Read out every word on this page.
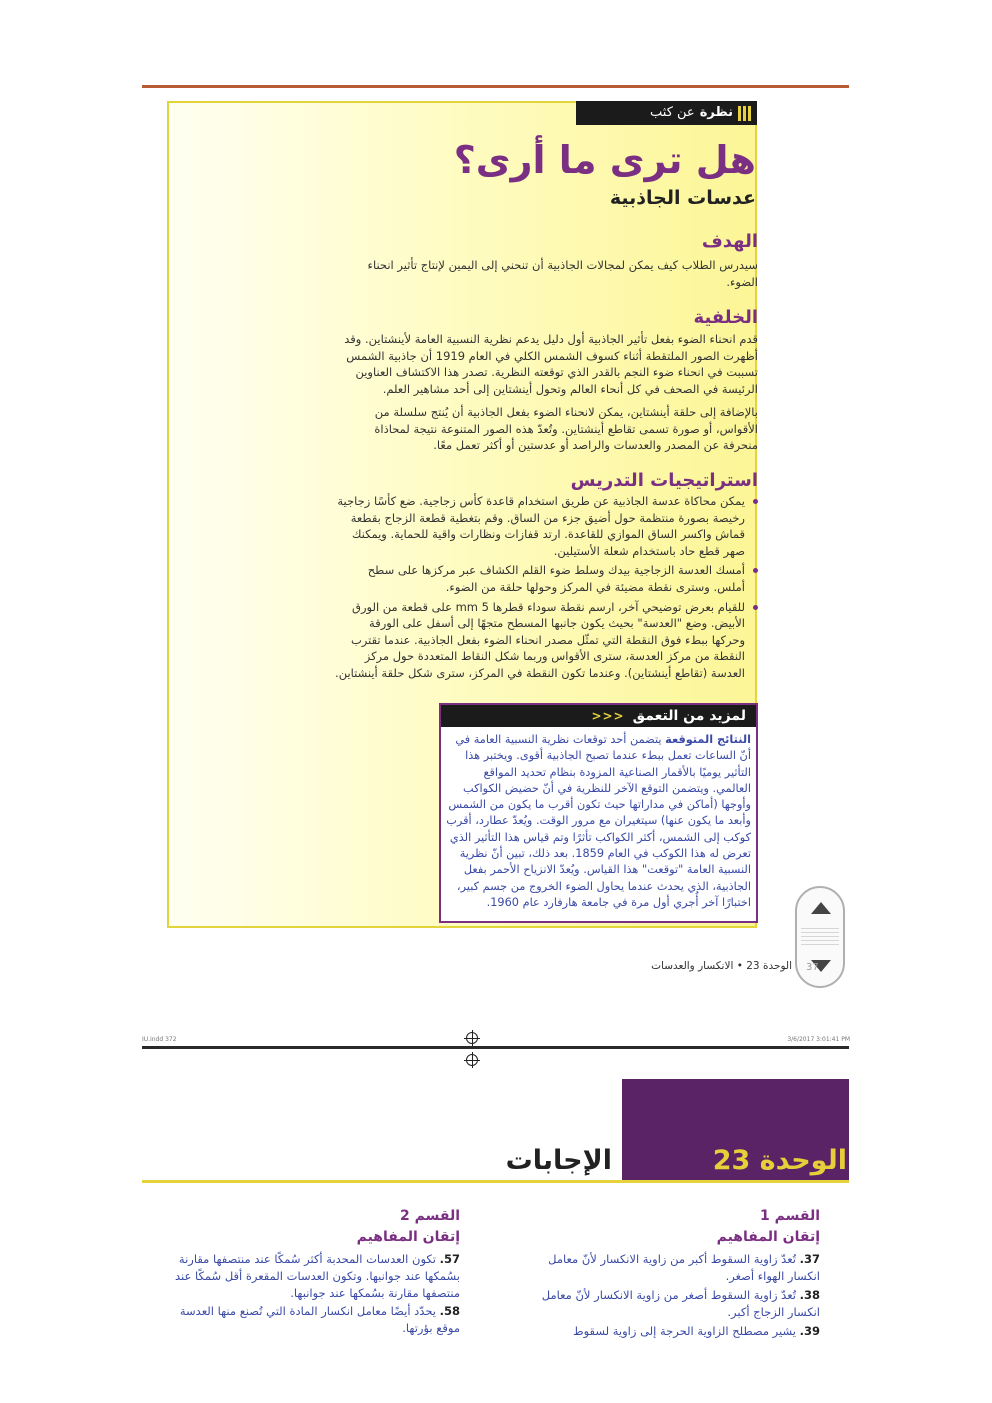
نظرة
عن كثب
هل ترى ما أرى؟
عدسات الجاذبية
الهدف
سيدرس الطلاب كيف يمكن لمجالات الجاذبية أن تنحني إلى اليمين لإنتاج تأثير انحناء الضوء.
الخلفية
قدم انحناء الضوء بفعل تأثير الجاذبية أول دليل يدعم نظرية النسبية العامة لأينشتاين. وقد أظهرت الصور الملتقطة أثناء كسوف الشمس الكلي في العام 1919 أن جاذبية الشمس تسببت في انحناء ضوء النجم بالقدر الذي توقعته النظرية. تصدر هذا الاكتشاف العناوين الرئيسة في الصحف في كل أنحاء العالم وتحول أينشتاين إلى أحد مشاهير العلم.
بالإضافة إلى حلقة أينشتاين، يمكن لانحناء الضوء بفعل الجاذبية أن يُنتج سلسلة من الأقواس، أو صورة تسمى تقاطع أينشتاين. وتُعدّ هذه الصور المتنوعة نتيجة لمحاذاة منحرفة عن المصدر والعدسات والراصد أو عدستين أو أكثر تعمل معًا.
استراتيجيات التدريس
يمكن محاكاة عدسة الجاذبية عن طريق استخدام قاعدة كأس زجاجية. ضع كأسًا زجاجية رخيصة بصورة منتظمة حول أضيق جزء من الساق. وقم بتغطية قطعة الزجاج بقطعة قماش واكسر الساق الموازي للقاعدة. ارتد قفازات ونظارات واقية للحماية. ويمكنك صهر قطع حاد باستخدام شعلة الأستيلين.
أمسك العدسة الزجاجية بيدك وسلط ضوء القلم الكشاف عبر مركزها على سطح أملس. وسترى نقطة مضيئة في المركز وحولها حلقة من الضوء.
للقيام بعرض توضيحي آخر، ارسم نقطة سوداء قطرها 5 mm على قطعة من الورق الأبيض. وضع "العدسة" بحيث يكون جانبها المسطح متجهًا إلى أسفل على الورقة وحركها ببطء فوق النقطة التي تمثّل مصدر انحناء الضوء بفعل الجاذبية. عندما تقترب النقطة من مركز العدسة، سترى الأقواس وربما شكل النقاط المتعددة حول مركز العدسة (تقاطع أينشتاين). وعندما تكون النقطة في المركز، سترى شكل حلقة أينشتاين.
لمزيد من التعمق
>>>
النتائج المتوقعة يتضمن أحد توقعات نظرية النسبية العامة في أنّ الساعات تعمل ببطء عندما تصبح الجاذبية أقوى. ويختبر هذا التأثير يوميًا بالأقمار الصناعية المزودة بنظام تحديد المواقع العالمي. ويتضمن التوقع الآخر للنظرية في أنّ حضيض الكواكب وأوجها (أماكن في مداراتها حيث تكون أقرب ما يكون من الشمس وأبعد ما يكون عنها) سيتغيران مع مرور الوقت. ويُعدّ عطارد، أقرب كوكب إلى الشمس، أكثر الكواكب تأثرًا وتم قياس هذا التأثير الذي تعرض له هذا الكوكب في العام 1859. بعد ذلك، تبين أنّ نظرية النسبية العامة "توقعت" هذا القياس. ويُعدّ الانزياح الأحمر بفعل الجاذبية، الذي يحدث عندما يحاول الضوء الخروج من جسم كبير، اختبارًا آخر أُجري أول مرة في جامعة هارفارد عام 1960.
37
الوحدة 23 • الانكسار والعدسات
IU.indd 372	3/6/2017 3:01:41 PM
الوحدة 23
الإجابات
القسم 1
إتقان المفاهيم
37. تُعدّ زاوية السقوط أكبر من زاوية الانكسار لأنّ معامل انكسار الهواء أصغر.
38. تُعدّ زاوية السقوط أصغر من زاوية الانكسار لأنّ معامل انكسار الزجاج أكبر.
39. يشير مصطلح الزاوية الحرجة إلى زاوية لسقوط
القسم 2
إتقان المفاهيم
57. تكون العدسات المحدبة أكثر سُمكًا عند منتصفها مقارنة بسُمكها عند جوانبها. وتكون العدسات المقعرة أقل سُمكًا عند منتصفها مقارنة بسُمكها عند جوانبها.
58. يحدّد أيضًا معامل انكسار المادة التي تُصنع منها العدسة موقع بؤرتها.
